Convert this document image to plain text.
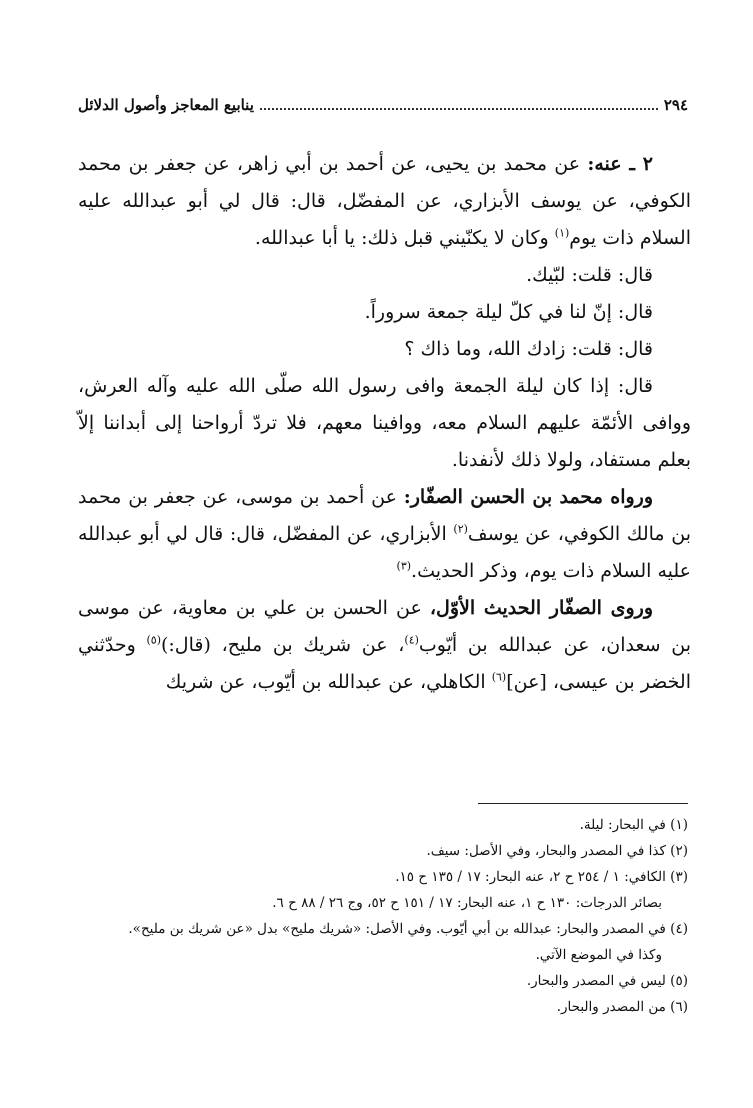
٢٩٤
ينابيع المعاجز وأصول الدلائل

٢ ـ عنه: عن محمد بن يحيى، عن أحمد بن أبي زاهر، عن جعفر بن محمد الكوفي، عن يوسف الأبزاري، عن المفضّل، قال: قال لي أبو عبدالله عليه السلام ذات يوم$^{(١)}$ وكان لا يكنّيني قبل ذلك: يا أبا عبدالله.

قال: قلت: لبّيك.

قال: إنّ لنا في كلّ ليلة جمعة سروراً.

قال: قلت: زادك الله، وما ذاك ؟

قال: إذا كان ليلة الجمعة وافى رسول الله صلّى الله عليه وآله العرش، ووافى الأئمّة عليهم السلام معه، ووافينا معهم، فلا تردّ أرواحنا إلى أبداننا إلاّ بعلم مستفاد، ولولا ذلك لأنفدنا.

ورواه محمد بن الحسن الصفّار: عن أحمد بن موسى، عن جعفر بن محمد بن مالك الكوفي، عن يوسف$^{(٢)}$ الأبزاري، عن المفضّل، قال: قال لي أبو عبدالله عليه السلام ذات يوم، وذكر الحديث.$^{(٣)}$

وروى الصفّار الحديث الأوّل، عن الحسن بن علي بن معاوية، عن موسى بن سعدان، عن عبدالله بن أيّوب$^{(٤)}$، عن شريك بن مليح، (قال:)$^{(٥)}$ وحدّثني الخضر بن عيسى، [عن]$^{(٦)}$ الكاهلي، عن عبدالله بن أيّوب، عن شريك

(١) في البحار: ليلة.

(٢) كذا في المصدر والبحار، وفي الأصل: سيف.

(٣) الكافي: ١ / ٢٥٤ ح ٢، عنه البحار: ١٧ / ١٣٥ ح ١٥.

بصائر الدرجات: ١٣٠ ح ١، عنه البحار: ١٧ / ١٥١ ح ٥٢، وج ٢٦ / ٨٨ ح ٦.

(٤) في المصدر والبحار: عبدالله بن أبي أيّوب. وفي الأصل: «شريك مليح» بدل «عن شريك بن مليح».

وكذا في الموضع الآتي.

(٥) ليس في المصدر والبحار.

(٦) من المصدر والبحار.
